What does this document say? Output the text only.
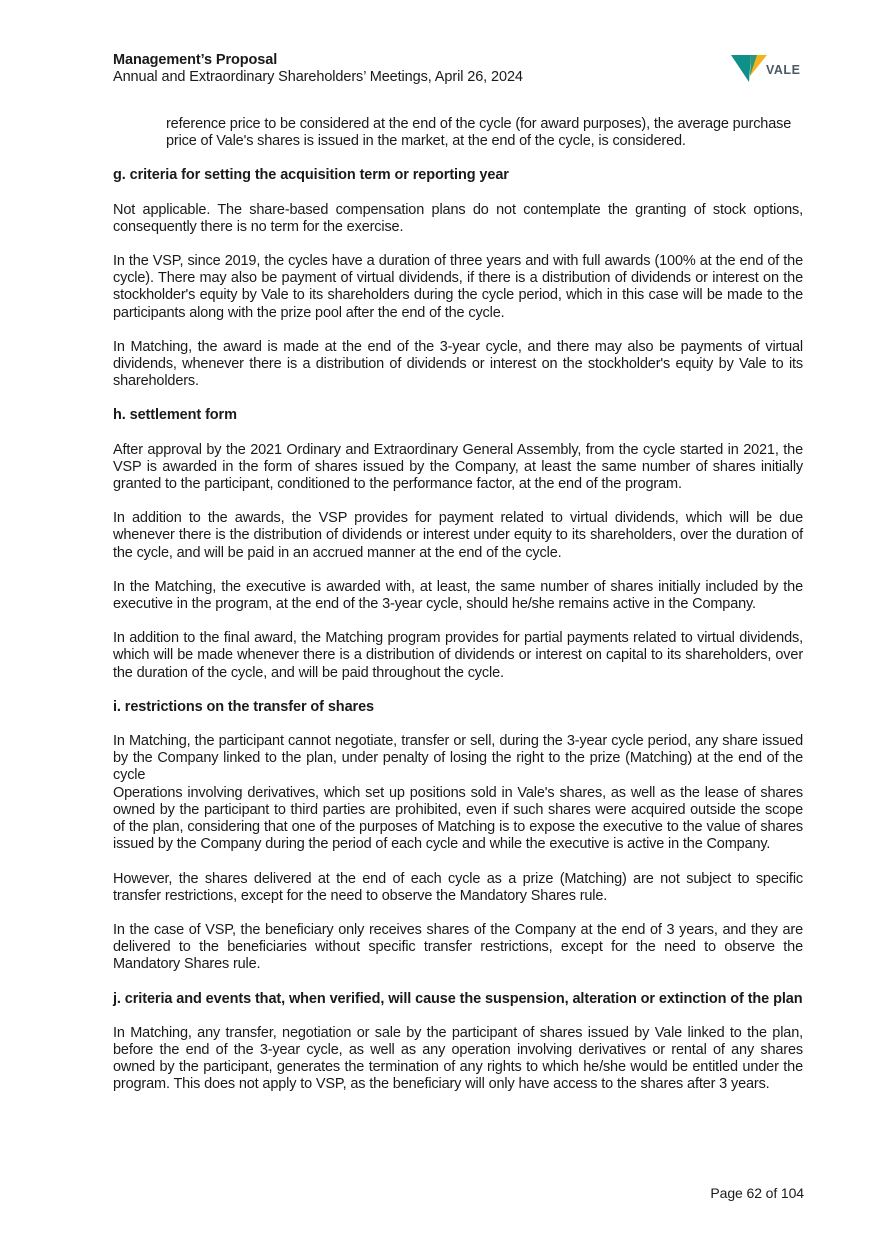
Management’s Proposal
Annual and Extraordinary Shareholders’ Meetings, April 26, 2024	VALE

reference price to be considered at the end of the cycle (for award purposes), the average purchase price of Vale's shares is issued in the market, at the end of the cycle, is considered.

g. criteria for setting the acquisition term or reporting year

Not applicable. The share-based compensation plans do not contemplate the granting of stock options, consequently there is no term for the exercise.

In the VSP, since 2019, the cycles have a duration of three years and with full awards (100% at the end of the cycle). There may also be payment of virtual dividends, if there is a distribution of dividends or interest on the stockholder's equity by Vale to its shareholders during the cycle period, which in this case will be made to the participants along with the prize pool after the end of the cycle.

In Matching, the award is made at the end of the 3-year cycle, and there may also be payments of virtual dividends, whenever there is a distribution of dividends or interest on the stockholder's equity by Vale to its shareholders.

h. settlement form

After approval by the 2021 Ordinary and Extraordinary General Assembly, from the cycle started in 2021, the VSP is awarded in the form of shares issued by the Company, at least the same number of shares initially granted to the participant, conditioned to the performance factor, at the end of the program.

In addition to the awards, the VSP provides for payment related to virtual dividends, which will be due whenever there is the distribution of dividends or interest under equity to its shareholders, over the duration of the cycle, and will be paid in an accrued manner at the end of the cycle.

In the Matching, the executive is awarded with, at least, the same number of shares initially included by the executive in the program, at the end of the 3-year cycle, should he/she remains active in the Company.

In addition to the final award, the Matching program provides for partial payments related to virtual dividends, which will be made whenever there is a distribution of dividends or interest on capital to its shareholders, over the duration of the cycle, and will be paid throughout the cycle.

i. restrictions on the transfer of shares

In Matching, the participant cannot negotiate, transfer or sell, during the 3-year cycle period, any share issued by the Company linked to the plan, under penalty of losing the right to the prize (Matching) at the end of the cycle

Operations involving derivatives, which set up positions sold in Vale's shares, as well as the lease of shares owned by the participant to third parties are prohibited, even if such shares were acquired outside the scope of the plan, considering that one of the purposes of Matching is to expose the executive to the value of shares issued by the Company during the period of each cycle and while the executive is active in the Company.

However, the shares delivered at the end of each cycle as a prize (Matching) are not subject to specific transfer restrictions, except for the need to observe the Mandatory Shares rule.

In the case of VSP, the beneficiary only receives shares of the Company at the end of 3 years, and they are delivered to the beneficiaries without specific transfer restrictions, except for the need to observe the Mandatory Shares rule.

j. criteria and events that, when verified, will cause the suspension, alteration or extinction of the plan

In Matching, any transfer, negotiation or sale by the participant of shares issued by Vale linked to the plan, before the end of the 3-year cycle, as well as any operation involving derivatives or rental of any shares owned by the participant, generates the termination of any rights to which he/she would be entitled under the program. This does not apply to VSP, as the beneficiary will only have access to the shares after 3 years.

Page 62 of 104
